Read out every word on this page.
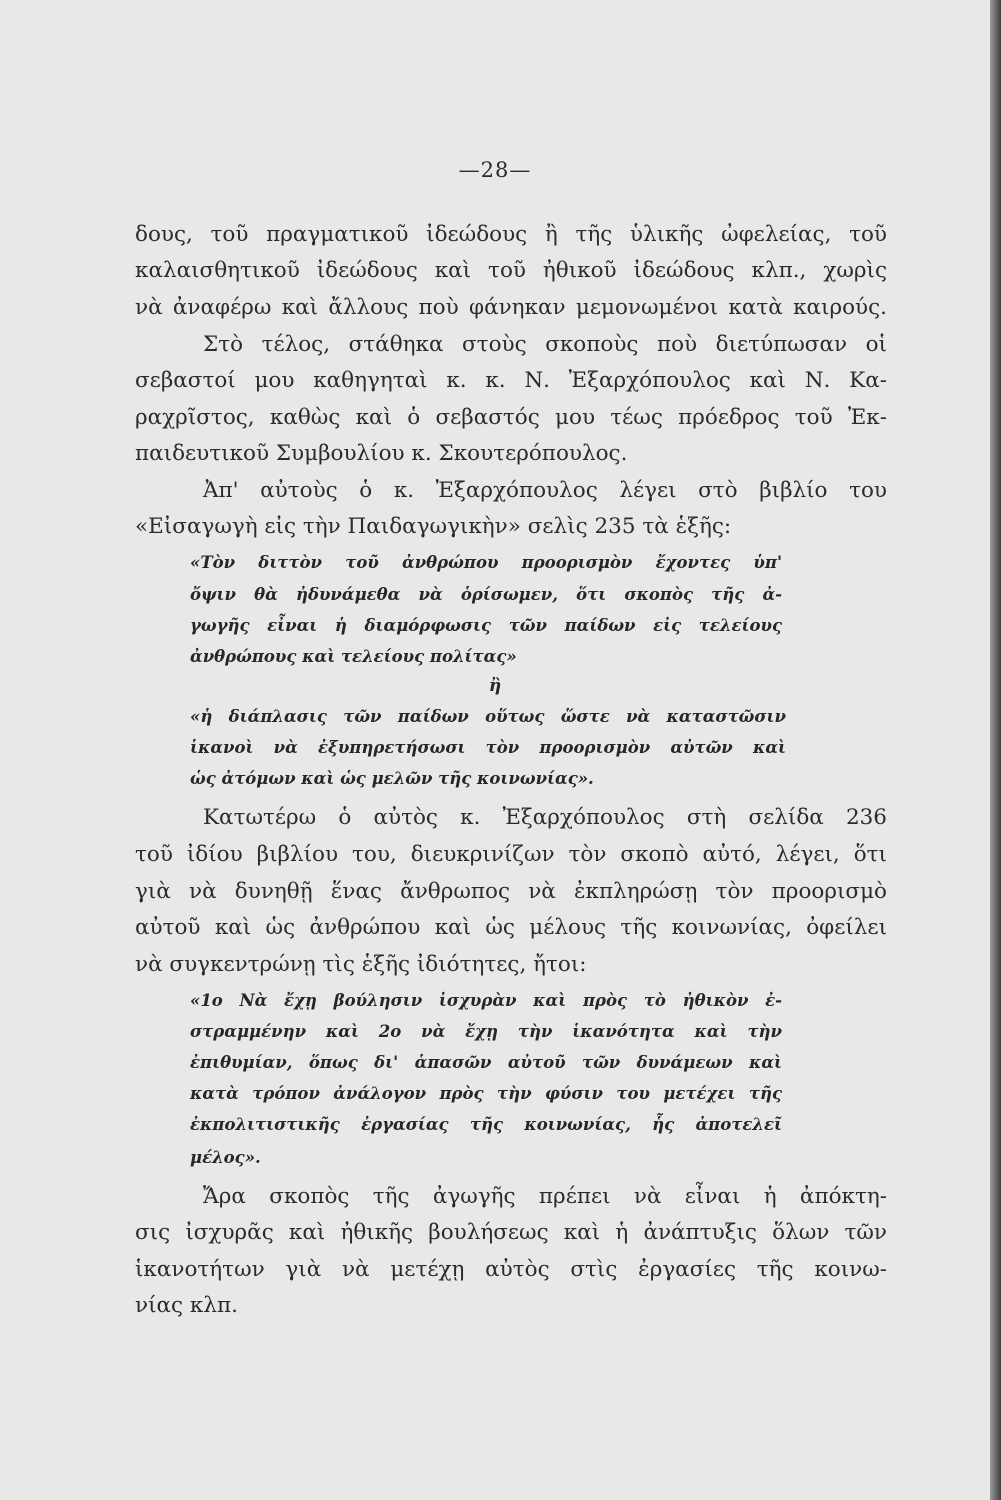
—28—
δους, τοῦ πραγματικοῦ ἰδεώδους ἢ τῆς ὑλικῆς ὠφελείας, τοῦ
καλαισθητικοῦ ἰδεώδους καὶ τοῦ ἠθικοῦ ἰδεώδους κλπ., χωρὶς
νὰ ἀναφέρω καὶ ἄλλους ποὺ φάνηκαν μεμονωμένοι κατὰ καιρούς.
Στὸ τέλος, στάθηκα στοὺς σκοποὺς ποὺ διετύπωσαν οἱ
σεβαστοί μου καθηγηταὶ κ. κ. Ν. Ἐξαρχόπουλος καὶ Ν. Κα-
ραχρῖστος, καθὼς καὶ ὁ σεβαστός μου τέως πρόεδρος τοῦ Ἐκ-
παιδευτικοῦ Συμβουλίου κ. Σκουτερόπουλος.
Ἀπ' αὐτοὺς ὁ κ. Ἐξαρχόπουλος λέγει στὸ βιβλίο του
«Εἰσαγωγὴ εἰς τὴν Παιδαγωγικὴν» σελὶς 235 τὰ ἑξῆς:
«Τὸν διττὸν τοῦ ἀνθρώπου προορισμὸν ἔχοντες ὑπ'
ὄψιν θὰ ἠδυνάμεθα νὰ ὁρίσωμεν, ὅτι σκοπὸς τῆς ἀ-
γωγῆς εἶναι ἡ διαμόρφωσις τῶν παίδων εἰς τελείους
ἀνθρώπους καὶ τελείους πολίτας»
ἢ
«ἡ διάπλασις τῶν παίδων οὕτως ὥστε νὰ καταστῶσιν
ἱκανοὶ νὰ ἐξυπηρετήσωσι τὸν προορισμὸν αὐτῶν καὶ
ὡς ἀτόμων καὶ ὡς μελῶν τῆς κοινωνίας».
Κατωτέρω ὁ αὐτὸς κ. Ἐξαρχόπουλος στὴ σελίδα 236
τοῦ ἰδίου βιβλίου του, διευκρινίζων τὸν σκοπὸ αὐτό, λέγει, ὅτι
γιὰ νὰ δυνηθῇ ἕνας ἄνθρωπος νὰ ἐκπληρώσῃ τὸν προορισμὸ
αὐτοῦ καὶ ὡς ἀνθρώπου καὶ ὡς μέλους τῆς κοινωνίας, ὀφείλει
νὰ συγκεντρώνῃ τὶς ἑξῆς ἰδιότητες, ἤτοι:
«1ο Νὰ ἔχῃ βούλησιν ἰσχυρὰν καὶ πρὸς τὸ ἠθικὸν ἐ-
στραμμένην καὶ 2ο νὰ ἔχῃ τὴν ἱκανότητα καὶ τὴν
ἐπιθυμίαν, ὅπως δι' ἁπασῶν αὐτοῦ τῶν δυνάμεων καὶ
κατὰ τρόπον ἀνάλογον πρὸς τὴν φύσιν του μετέχει τῆς
ἐκπολιτιστικῆς ἐργασίας τῆς κοινωνίας, ἧς ἀποτελεῖ
μέλος».
Ἄρα σκοπὸς τῆς ἀγωγῆς πρέπει νὰ εἶναι ἡ ἀπόκτη-
σις ἰσχυρᾶς καὶ ἠθικῆς βουλήσεως καὶ ἡ ἀνάπτυξις ὅλων τῶν
ἱκανοτήτων γιὰ νὰ μετέχῃ αὐτὸς στὶς ἐργασίες τῆς κοινω-
νίας κλπ.
